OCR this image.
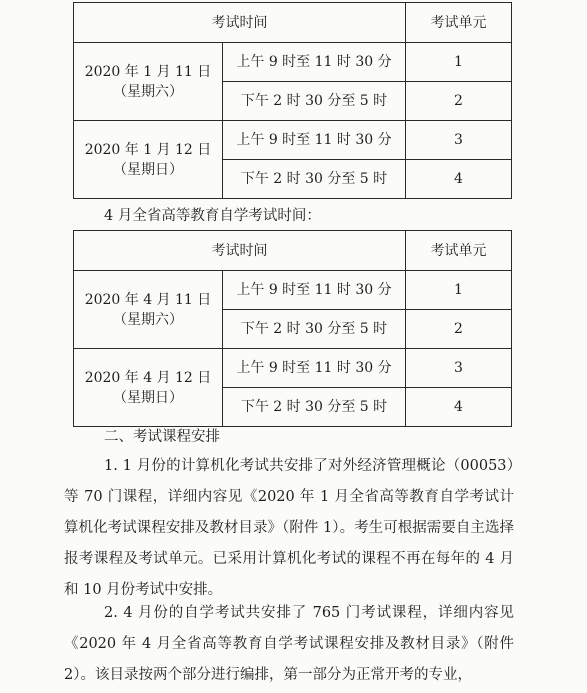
考试时间		考试单元

2020 年 1 月 11 日
（星期六）	上午 9 时至 11 时 30 分	1
	下午 2 时 30 分至 5 时	2

2020 年 1 月 12 日
（星期日）	上午 9 时至 11 时 30 分	3
	下午 2 时 30 分至 5 时	4
4 月全省高等教育自学考试时间：
考试时间		考试单元

2020 年 4 月 11 日
（星期六）	上午 9 时至 11 时 30 分	1
	下午 2 时 30 分至 5 时	2

2020 年 4 月 12 日
（星期日）	上午 9 时至 11 时 30 分	3
	下午 2 时 30 分至 5 时	4
二、考试课程安排
1. 1 月份的计算机化考试共安排了对外经济管理概论（00053）等 70 门课程，详细内容见《2020 年 1 月全省高等教育自学考试计算机化考试课程安排及教材目录》（附件 1）。考生可根据需要自主选择报考课程及考试单元。已采用计算机化考试的课程不再在每年的 4 月和 10 月份考试中安排。
2. 4 月份的自学考试共安排了 765 门考试课程，详细内容见《2020 年 4 月全省高等教育自学考试课程安排及教材目录》（附件 2）。该目录按两个部分进行编排，第一部分为正常开考的专业，
